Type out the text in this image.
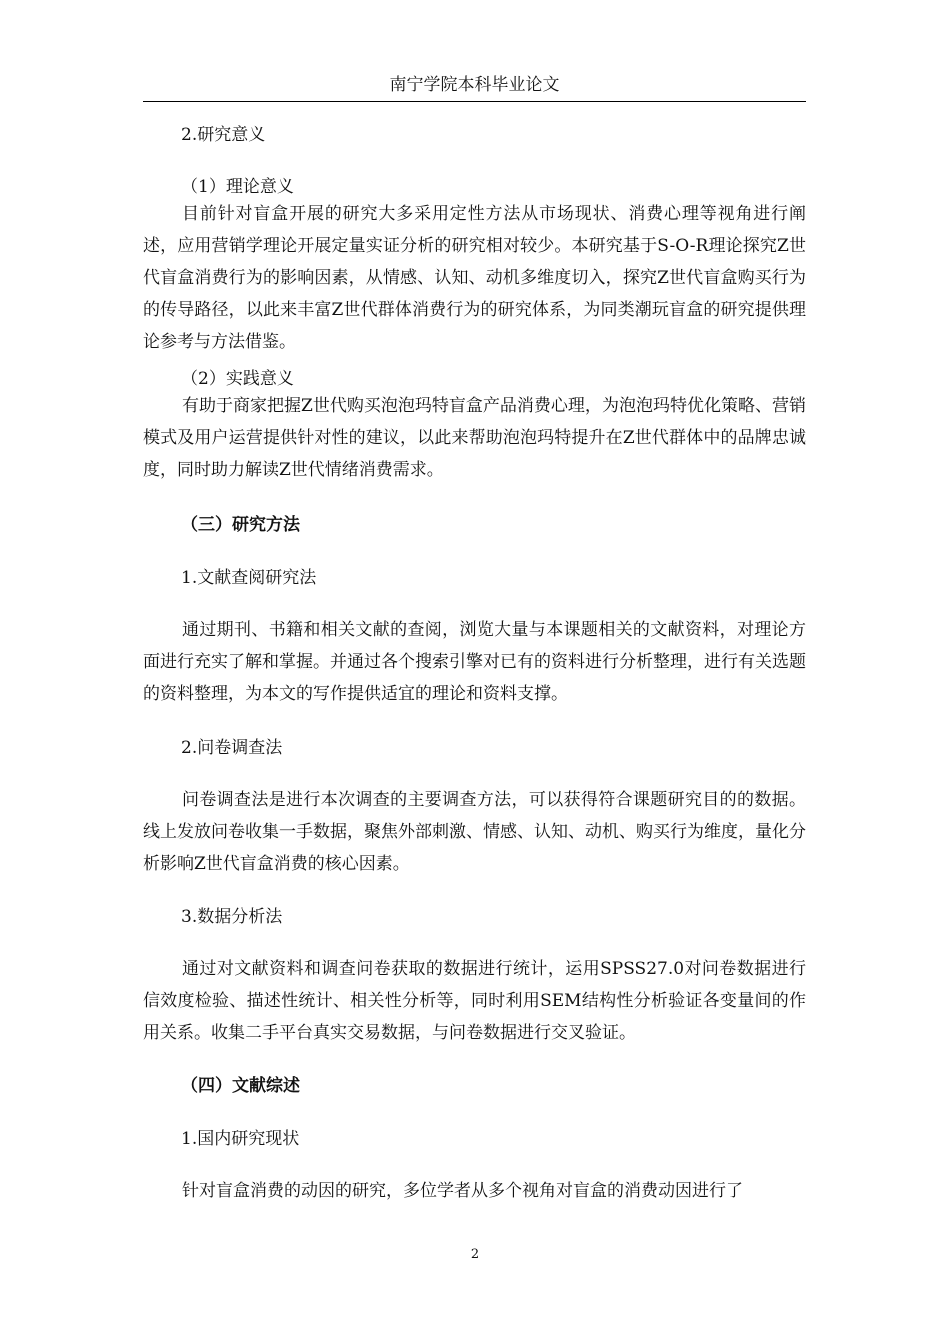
南宁学院本科毕业论文
2.研究意义
（1）理论意义
目前针对盲盒开展的研究大多采用定性方法从市场现状、消费心理等视角进行阐述，应用营销学理论开展定量实证分析的研究相对较少。本研究基于S-O-R理论探究Z世代盲盒消费行为的影响因素，从情感、认知、动机多维度切入，探究Z世代盲盒购买行为的传导路径，以此来丰富Z世代群体消费行为的研究体系，为同类潮玩盲盒的研究提供理论参考与方法借鉴。
（2）实践意义
有助于商家把握Z世代购买泡泡玛特盲盒产品消费心理，为泡泡玛特优化策略、营销模式及用户运营提供针对性的建议，以此来帮助泡泡玛特提升在Z世代群体中的品牌忠诚度，同时助力解读Z世代情绪消费需求。
（三）研究方法
1.文献查阅研究法
通过期刊、书籍和相关文献的查阅，浏览大量与本课题相关的文献资料，对理论方面进行充实了解和掌握。并通过各个搜索引擎对已有的资料进行分析整理，进行有关选题的资料整理，为本文的写作提供适宜的理论和资料支撑。
2.问卷调查法
问卷调查法是进行本次调查的主要调查方法，可以获得符合课题研究目的的数据。线上发放问卷收集一手数据，聚焦外部刺激、情感、认知、动机、购买行为维度，量化分析影响Z世代盲盒消费的核心因素。
3.数据分析法
通过对文献资料和调查问卷获取的数据进行统计，运用SPSS27.0对问卷数据进行信效度检验、描述性统计、相关性分析等，同时利用SEM结构性分析验证各变量间的作用关系。收集二手平台真实交易数据，与问卷数据进行交叉验证。
（四）文献综述
1.国内研究现状
针对盲盒消费的动因的研究，多位学者从多个视角对盲盒的消费动因进行了
2
